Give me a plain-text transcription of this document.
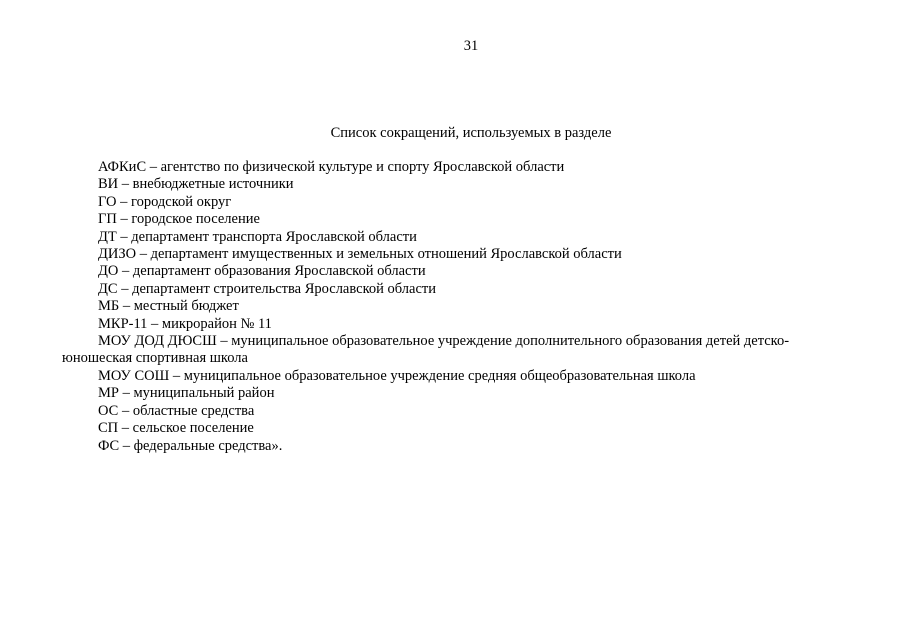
31
Список сокращений, используемых в разделе
АФКиС – агентство по физической культуре и спорту Ярославской области
ВИ – внебюджетные источники
ГО – городской округ
ГП – городское поселение
ДТ – департамент транспорта Ярославской области
ДИЗО – департамент имущественных и земельных отношений Ярославской области
ДО – департамент образования Ярославской области
ДС – департамент строительства Ярославской области
МБ – местный бюджет
МКР-11 – микрорайон № 11
МОУ ДОД ДЮСШ – муниципальное образовательное учреждение дополнительного образования детей детско-юношеская спортивная школа
МОУ СОШ – муниципальное образовательное учреждение средняя общеобразовательная школа
МР – муниципальный район
ОС – областные средства
СП – сельское поселение
ФС – федеральные средства».
